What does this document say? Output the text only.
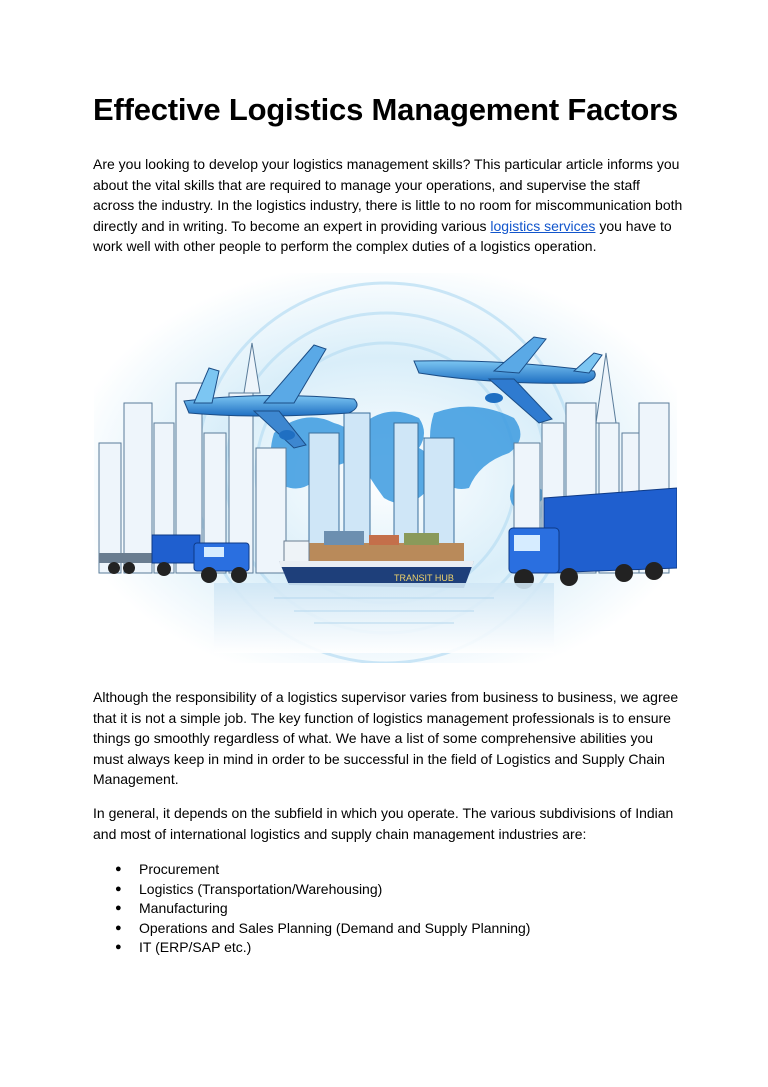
Effective Logistics Management Factors

Are you looking to develop your logistics management skills? This particular article informs you about the vital skills that are required to manage your operations, and supervise the staff across the industry. In the logistics industry, there is little to no room for miscommunication both directly and in writing. To become an expert in providing various logistics services you have to work well with other people to perform the complex duties of a logistics operation.

TRANSIT HUB

Although the responsibility of a logistics supervisor varies from business to business, we agree that it is not a simple job. The key function of logistics management professionals is to ensure things go smoothly regardless of what. We have a list of some comprehensive abilities you must always keep in mind in order to be successful in the field of Logistics and Supply Chain Management.

In general, it depends on the subfield in which you operate. The various subdivisions of Indian and most of international logistics and supply chain management industries are:

● Procurement
● Logistics (Transportation/Warehousing)
● Manufacturing
● Operations and Sales Planning (Demand and Supply Planning)
● IT (ERP/SAP etc.)
